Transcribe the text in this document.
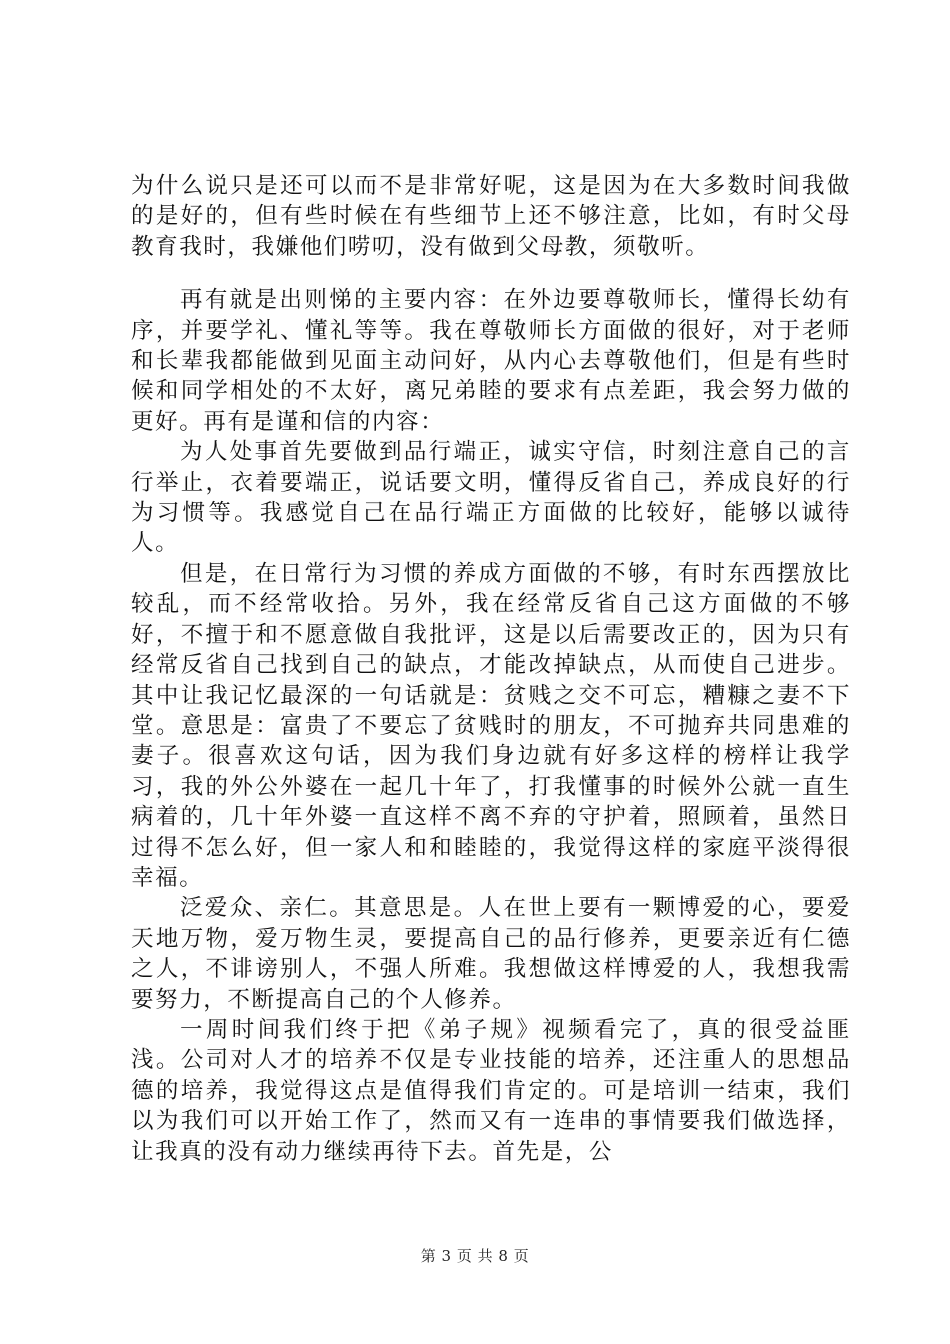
为什么说只是还可以而不是非常好呢，这是因为在大多数时间我做的是好的，但有些时候在有些细节上还不够注意，比如，有时父母教育我时，我嫌他们唠叨，没有做到父母教，须敬听。

再有就是出则悌的主要内容：在外边要尊敬师长，懂得长幼有序，并要学礼、懂礼等等。我在尊敬师长方面做的很好，对于老师和长辈我都能做到见面主动问好，从内心去尊敬他们，但是有些时候和同学相处的不太好，离兄弟睦的要求有点差距，我会努力做的更好。再有是谨和信的内容：

为人处事首先要做到品行端正，诚实守信，时刻注意自己的言行举止，衣着要端正，说话要文明，懂得反省自己，养成良好的行为习惯等。我感觉自己在品行端正方面做的比较好，能够以诚待人。

但是，在日常行为习惯的养成方面做的不够，有时东西摆放比较乱，而不经常收拾。另外，我在经常反省自己这方面做的不够好，不擅于和不愿意做自我批评，这是以后需要改正的，因为只有经常反省自己找到自己的缺点，才能改掉缺点，从而使自己进步。其中让我记忆最深的一句话就是：贫贱之交不可忘，糟糠之妻不下堂。意思是：富贵了不要忘了贫贱时的朋友，不可抛弃共同患难的妻子。很喜欢这句话，因为我们身边就有好多这样的榜样让我学习，我的外公外婆在一起几十年了，打我懂事的时候外公就一直生病着的，几十年外婆一直这样不离不弃的守护着，照顾着，虽然日过得不怎么好，但一家人和和睦睦的，我觉得这样的家庭平淡得很幸福。

泛爱众、亲仁。其意思是。人在世上要有一颗博爱的心，要爱天地万物，爱万物生灵，要提高自己的品行修养，更要亲近有仁德之人，不诽谤别人，不强人所难。我想做这样博爱的人，我想我需要努力，不断提高自己的个人修养。

一周时间我们终于把《弟子规》视频看完了，真的很受益匪浅。公司对人才的培养不仅是专业技能的培养，还注重人的思想品德的培养，我觉得这点是值得我们肯定的。可是培训一结束，我们以为我们可以开始工作了，然而又有一连串的事情要我们做选择，让我真的没有动力继续再待下去。首先是，公

第 3 页 共 8 页
